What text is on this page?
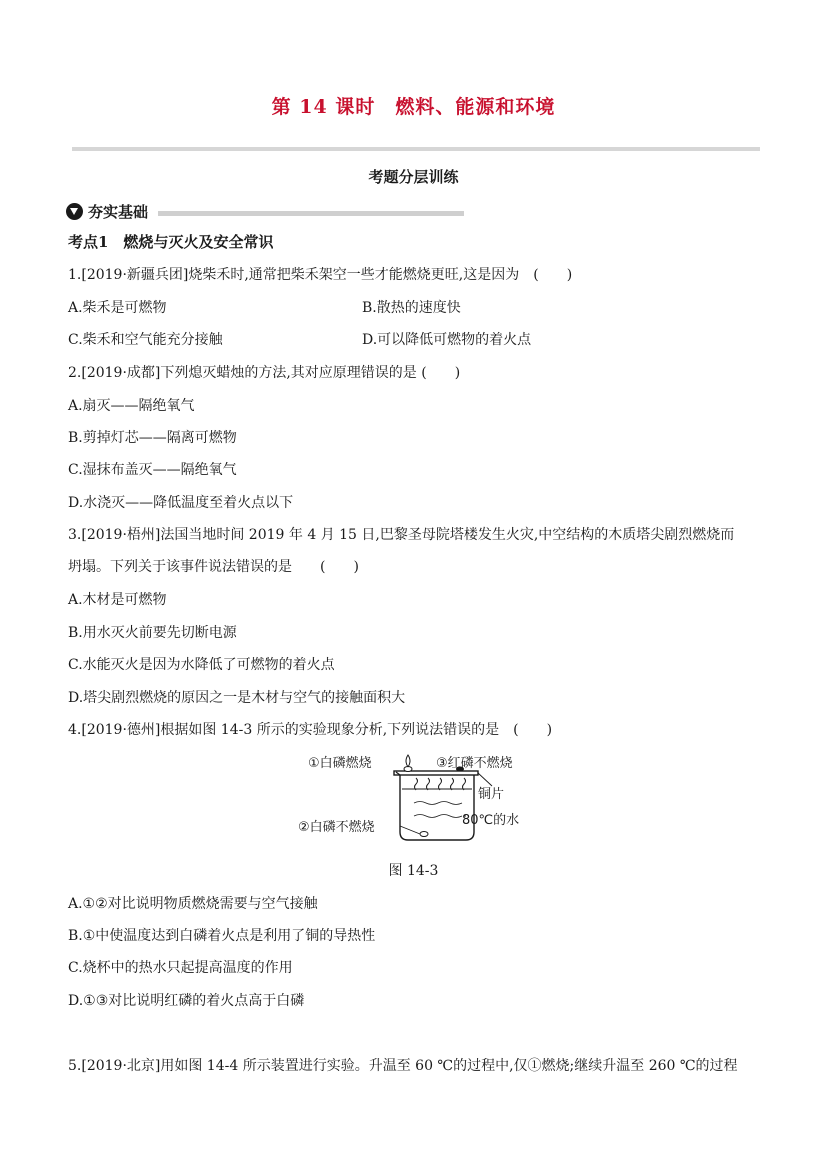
第 14 课时　燃料、能源和环境
考题分层训练
夯实基础
考点1　燃烧与灭火及安全常识
1.[2019·新疆兵团]烧柴禾时,通常把柴禾架空一些才能燃烧更旺,这是因为　(　　)
A.柴禾是可燃物	B.散热的速度快
C.柴禾和空气能充分接触	D.可以降低可燃物的着火点
2.[2019·成都]下列熄灭蜡烛的方法,其对应原理错误的是 (　　)
A.扇灭——隔绝氧气
B.剪掉灯芯——隔离可燃物
C.湿抹布盖灭——隔绝氧气
D.水浇灭——降低温度至着火点以下
3.[2019·梧州]法国当地时间 2019 年 4 月 15 日,巴黎圣母院塔楼发生火灾,中空结构的木质塔尖剧烈燃烧而
坍塌。下列关于该事件说法错误的是　　(　　)
A.木材是可燃物
B.用水灭火前要先切断电源
C.水能灭火是因为水降低了可燃物的着火点
D.塔尖剧烈燃烧的原因之一是木材与空气的接触面积大
4.[2019·德州]根据如图 14-3 所示的实验现象分析,下列说法错误的是　(　　)
①白磷燃烧	③红磷不燃烧
铜片
80℃的水
②白磷不燃烧
图 14-3
A.①②对比说明物质燃烧需要与空气接触
B.①中使温度达到白磷着火点是利用了铜的导热性
C.烧杯中的热水只起提高温度的作用
D.①③对比说明红磷的着火点高于白磷
5.[2019·北京]用如图 14-4 所示装置进行实验。升温至 60 ℃的过程中,仅①燃烧;继续升温至 260 ℃的过程
